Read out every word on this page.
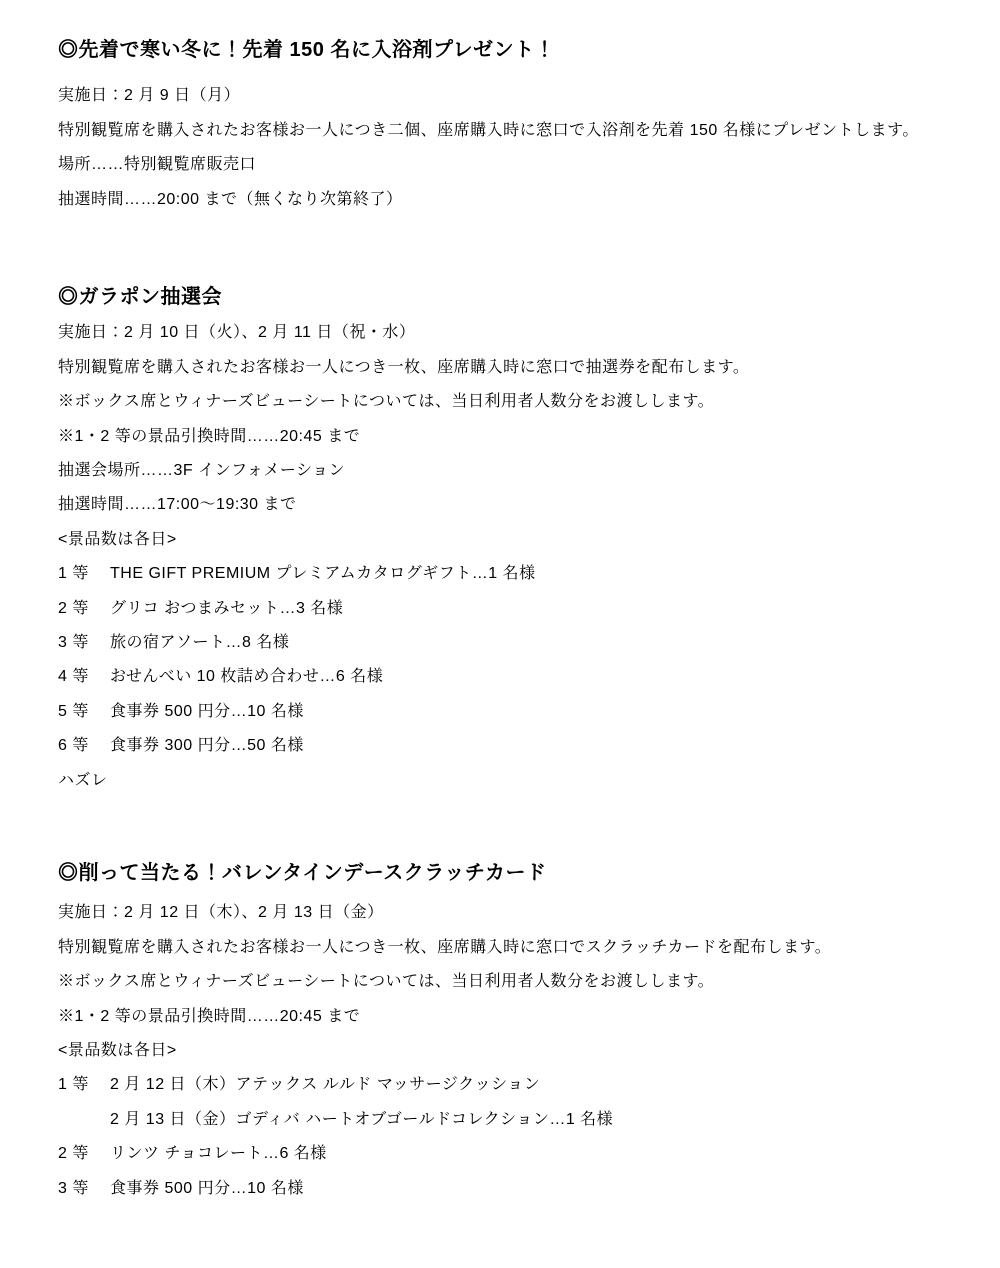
◎先着で寒い冬に！先着 150 名に入浴剤プレゼント！

実施日：2 月 9 日（月）

特別観覧席を購入されたお客様お一人につき二個、座席購入時に窓口で入浴剤を先着 150 名様にプレゼントします。

場所……特別観覧席販売口

抽選時間……20:00 まで（無くなり次第終了）

◎ガラポン抽選会

実施日：2 月 10 日（火）、2 月 11 日（祝・水）

特別観覧席を購入されたお客様お一人につき一枚、座席購入時に窓口で抽選券を配布します。

※ボックス席とウィナーズビューシートについては、当日利用者人数分をお渡しします。

※1・2 等の景品引換時間……20:45 まで

抽選会場所……3F インフォメーション

抽選時間……17:00～19:30 まで

<景品数は各日>

1 等	THE GIFT PREMIUM プレミアムカタログギフト…1 名様

2 等	グリコ おつまみセット…3 名様

3 等	旅の宿アソート…8 名様

4 等	おせんべい 10 枚詰め合わせ…6 名様

5 等	食事券 500 円分…10 名様

6 等	食事券 300 円分…50 名様

ハズレ

◎削って当たる！バレンタインデースクラッチカード

実施日：2 月 12 日（木）、2 月 13 日（金）

特別観覧席を購入されたお客様お一人につき一枚、座席購入時に窓口でスクラッチカードを配布します。

※ボックス席とウィナーズビューシートについては、当日利用者人数分をお渡しします。

※1・2 等の景品引換時間……20:45 まで

<景品数は各日>

1 等	2 月 12 日（木）アテックス ルルド マッサージクッション

	2 月 13 日（金）ゴディバ ハートオブゴールドコレクション…1 名様

2 等	リンツ チョコレート…6 名様

3 等	食事券 500 円分…10 名様
